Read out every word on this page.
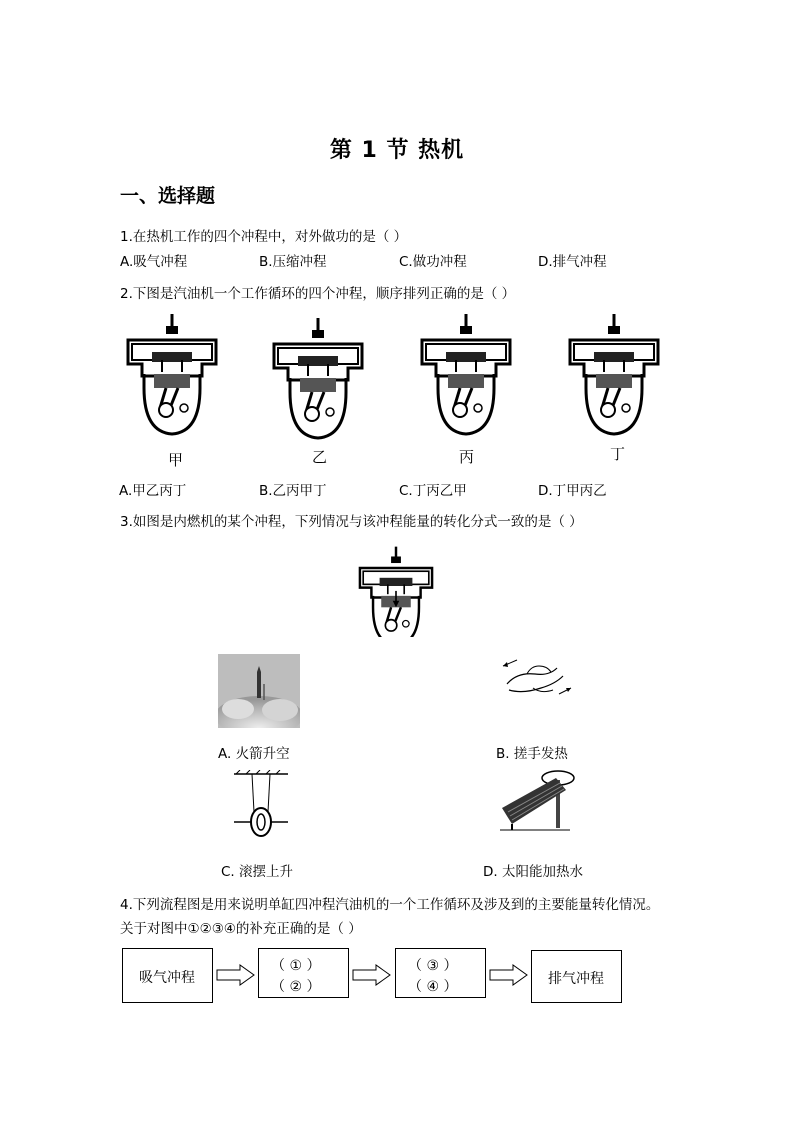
第 1 节 热机
一、选择题
1.在热机工作的四个冲程中，对外做功的是（ ）
A.吸气冲程	B.压缩冲程	C.做功冲程	D.排气冲程
2.下图是汽油机一个工作循环的四个冲程，顺序排列正确的是（ ）
甲	乙	丙	丁
A.甲乙丙丁	B.乙丙甲丁	C.丁丙乙甲	D.丁甲丙乙
3.如图是内燃机的某个冲程，下列情况与该冲程能量的转化分式一致的是（ ）
A. 火箭升空	B. 搓手发热
C. 滚摆上升	D. 太阳能加热水
4.下列流程图是用来说明单缸四冲程汽油机的一个工作循环及涉及到的主要能量转化情况。
关于对图中①②③④的补充正确的是（ ）
吸气冲程
（ ① ）
（ ② ）
（ ③ ）
（ ④ ）	排气冲程
